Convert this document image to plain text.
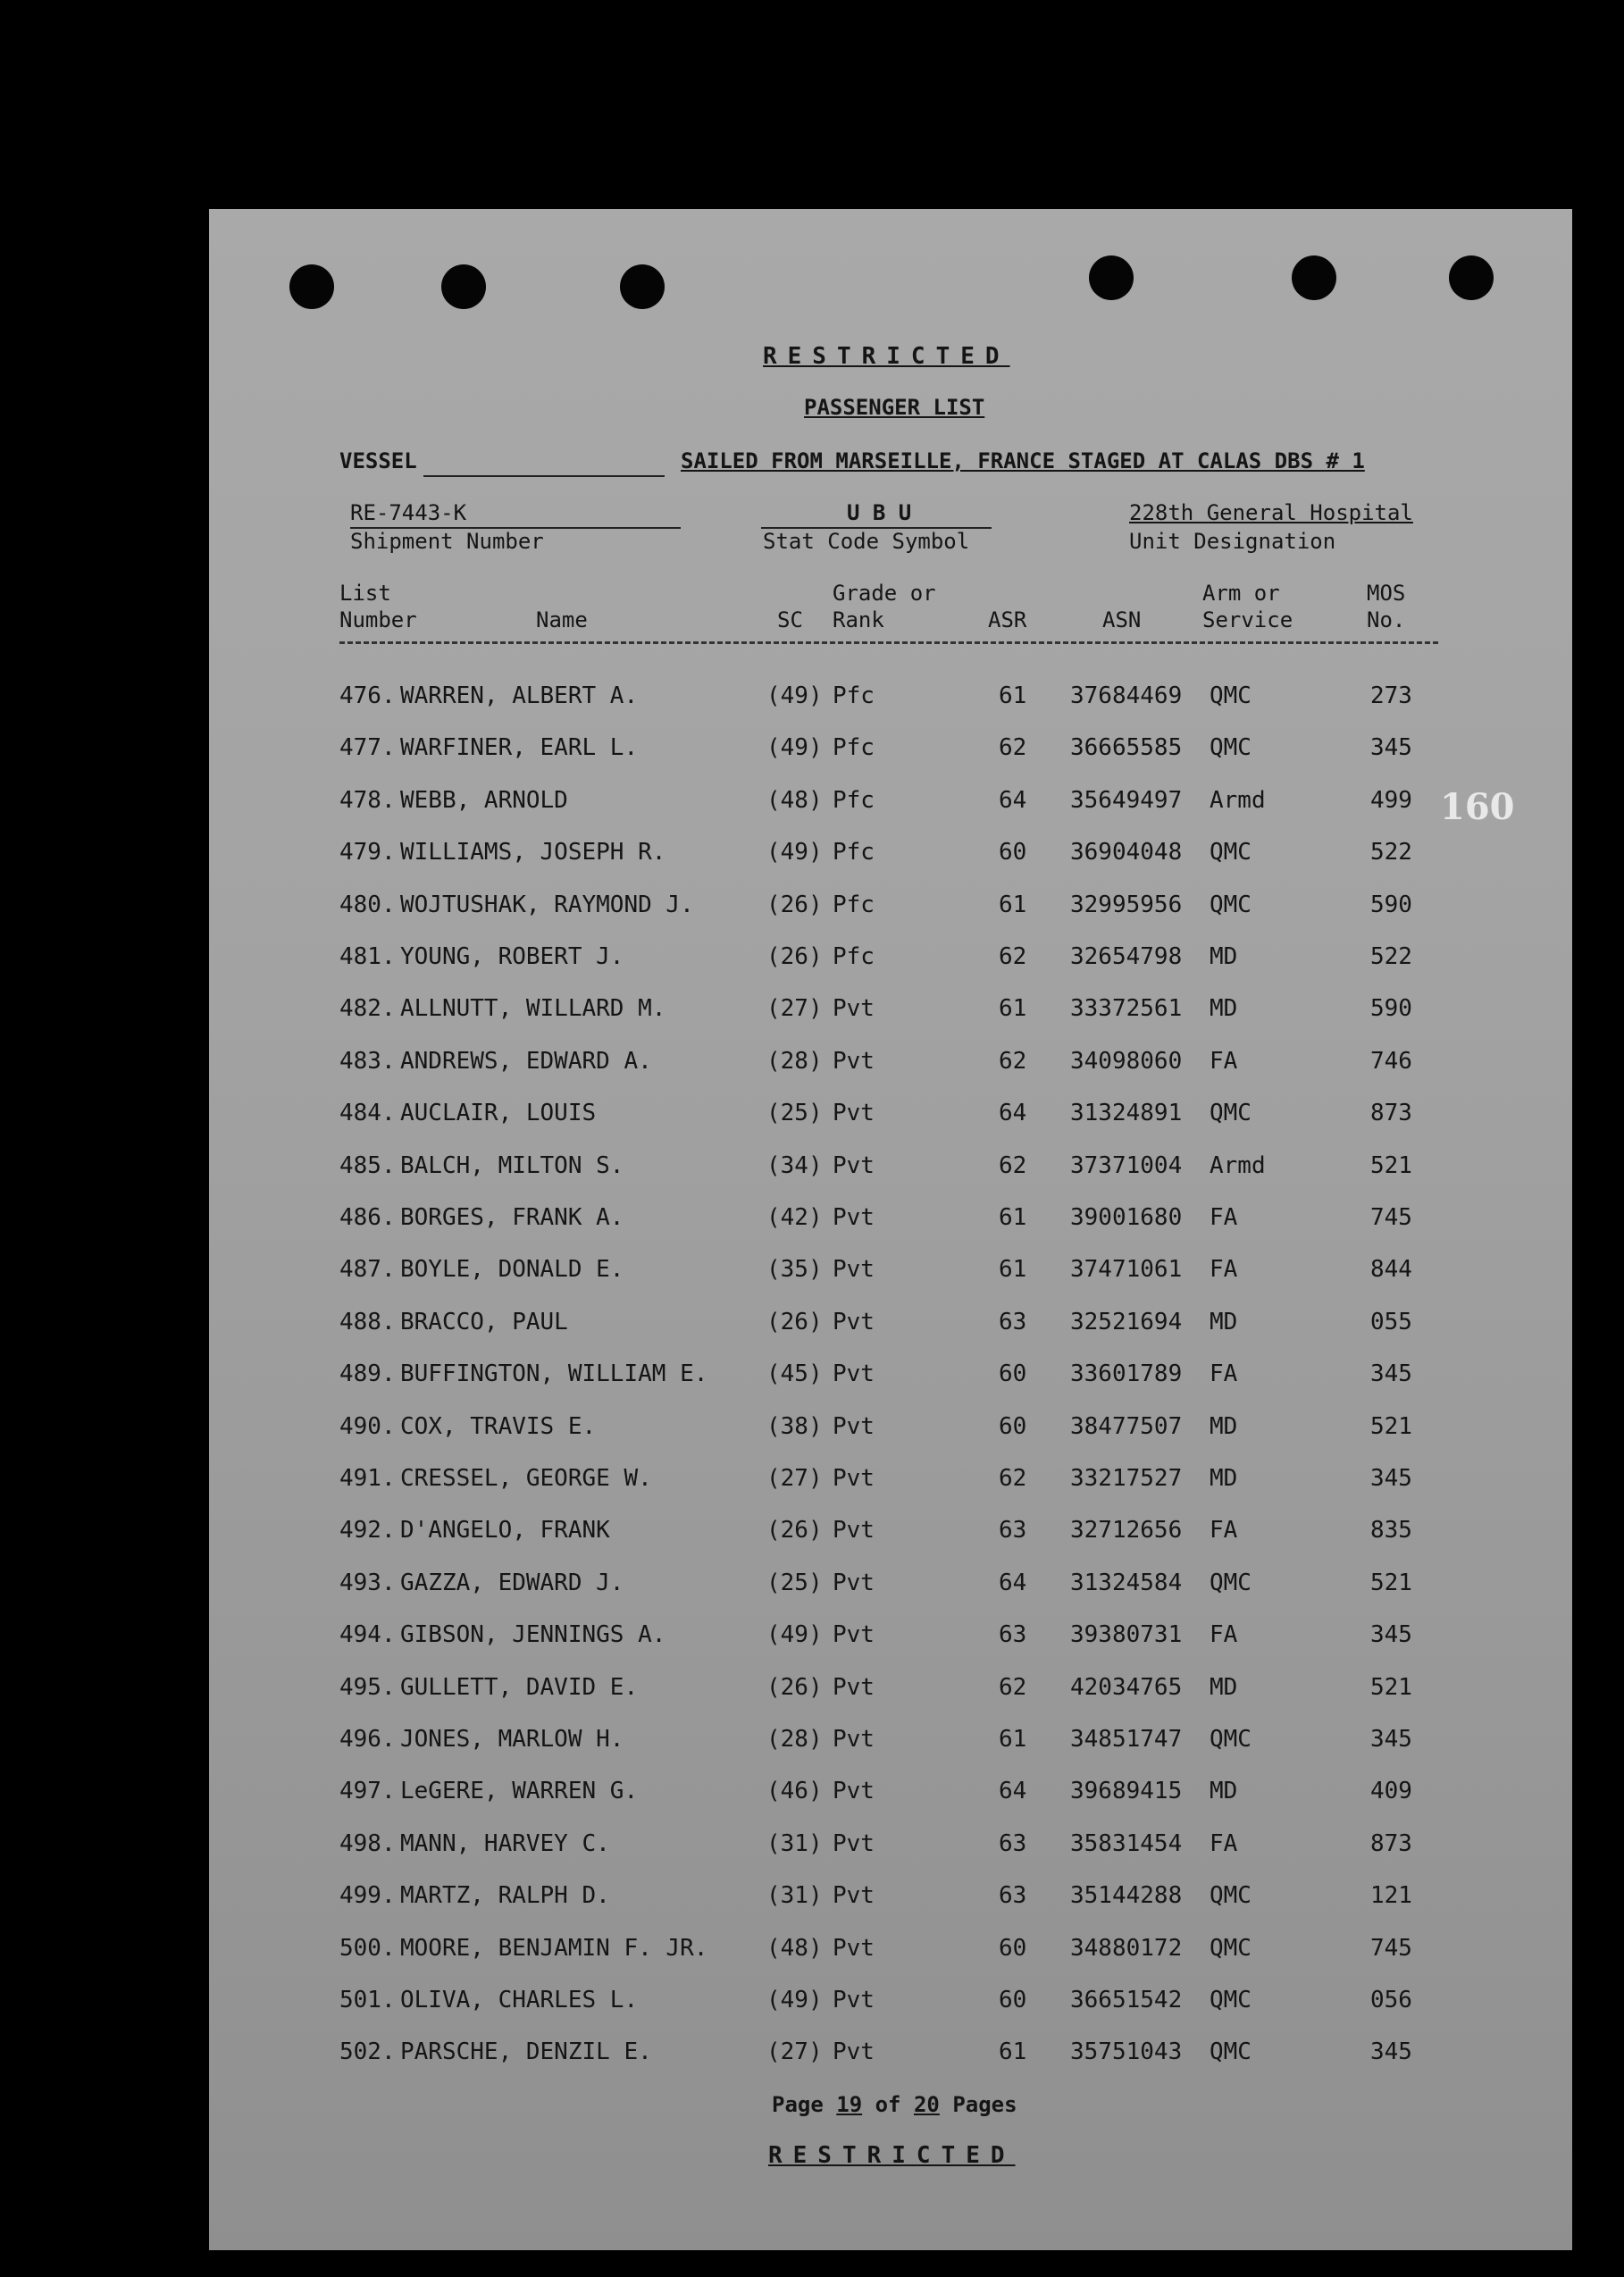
RESTRICTED
PASSENGER LIST
VESSEL	SAILED FROM MARSEILLE, FRANCE STAGED AT CALAS DBS # 1
RE-7443-K
Shipment Number
U B U
Stat Code Symbol
228th General Hospital
Unit Designation
List
Number	Name	SC
Grade or
Rank	ASR	ASN
Arm or
Service
MOS
No.
476. WARREN, ALBERT A.	(49) Pfc	61 37684469 QMC	273
477. WARFINER, EARL L.	(49) Pfc	62 36665585 QMC	345
478. WEBB, ARNOLD	(48) Pfc	64 35649497 Armd	499
479. WILLIAMS, JOSEPH R.	(49) Pfc	60 36904048 QMC	522
480. WOJTUSHAK, RAYMOND J.	(26) Pfc	61 32995956 QMC	590
481. YOUNG, ROBERT J.	(26) Pfc	62 32654798 MD	522
482. ALLNUTT, WILLARD M.	(27) Pvt	61 33372561 MD	590
483. ANDREWS, EDWARD A.	(28) Pvt	62 34098060 FA	746
484. AUCLAIR, LOUIS	(25) Pvt	64 31324891 QMC	873
485. BALCH, MILTON S.	(34) Pvt	62 37371004 Armd	521
486. BORGES, FRANK A.	(42) Pvt	61 39001680 FA	745
487. BOYLE, DONALD E.	(35) Pvt	61 37471061 FA	844
488. BRACCO, PAUL	(26) Pvt	63 32521694 MD	055
489. BUFFINGTON, WILLIAM E.	(45) Pvt	60 33601789 FA	345
490. COX, TRAVIS E.	(38) Pvt	60 38477507 MD	521
491. CRESSEL, GEORGE W.	(27) Pvt	62 33217527 MD	345
492. D'ANGELO, FRANK	(26) Pvt	63 32712656 FA	835
493. GAZZA, EDWARD J.	(25) Pvt	64 31324584 QMC	521
494. GIBSON, JENNINGS A.	(49) Pvt	63 39380731 FA	345
495. GULLETT, DAVID E.	(26) Pvt	62 42034765 MD	521
496. JONES, MARLOW H.	(28) Pvt	61 34851747 QMC	345
497. LeGERE, WARREN G.	(46) Pvt	64 39689415 MD	409
498. MANN, HARVEY C.	(31) Pvt	63 35831454 FA	873
499. MARTZ, RALPH D.	(31) Pvt	63 35144288 QMC	121
500. MOORE, BENJAMIN F. JR.	(48) Pvt	60 34880172 QMC	745
501. OLIVA, CHARLES L.	(49) Pvt	60 36651542 QMC	056
502. PARSCHE, DENZIL E.	(27) Pvt	61 35751043 QMC	345
160
Page 19 of 20 Pages
RESTRICTED
